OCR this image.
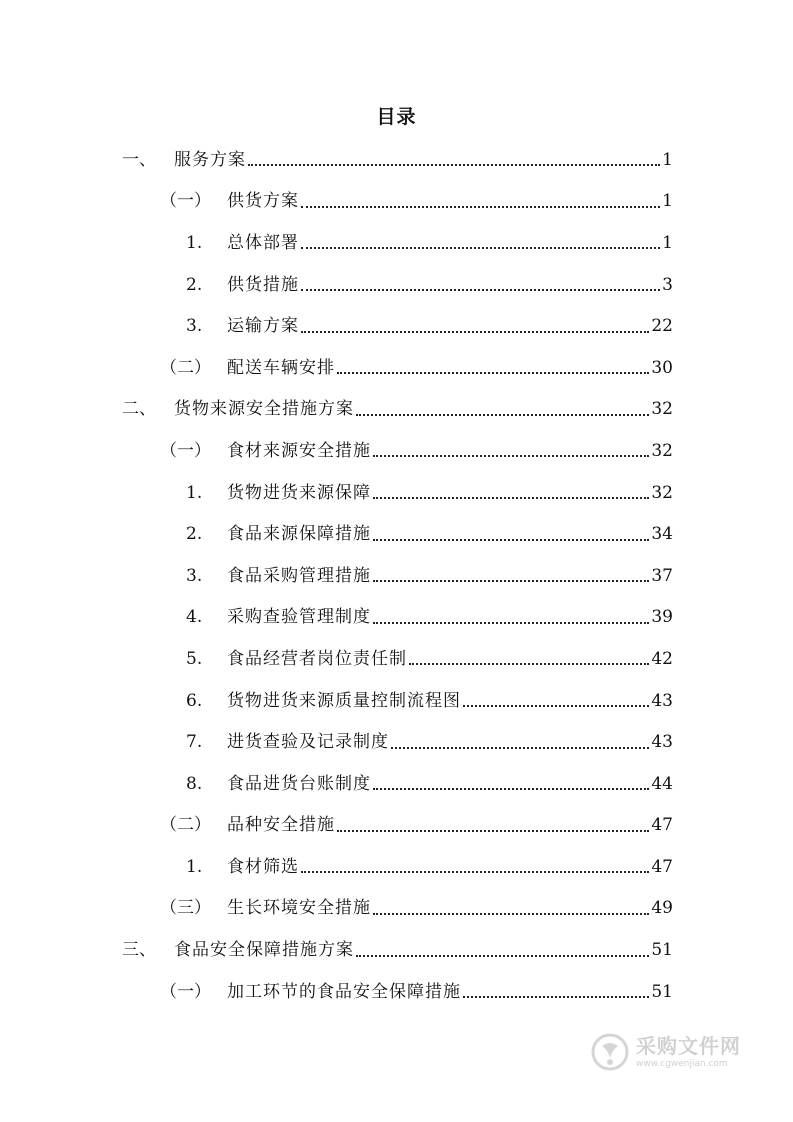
目录
一、	服务方案	1
（一） 供货方案	1
1.	总体部署	1
2.	供货措施	3
3.	运输方案	22
（二） 配送车辆安排	30
二、	货物来源安全措施方案	32
（一） 食材来源安全措施	32
1.	货物进货来源保障	32
2.	食品来源保障措施	34
3.	食品采购管理措施	37
4.	采购查验管理制度	39
5.	食品经营者岗位责任制	42
6.	货物进货来源质量控制流程图	43
7.	进货查验及记录制度	43
8.	食品进货台账制度	44
（二） 品种安全措施	47
1.	食材筛选	47
（三） 生长环境安全措施	49
三、	食品安全保障措施方案	51
（一） 加工环节的食品安全保障措施	51
采购文件网
www.cgwenjian.com
